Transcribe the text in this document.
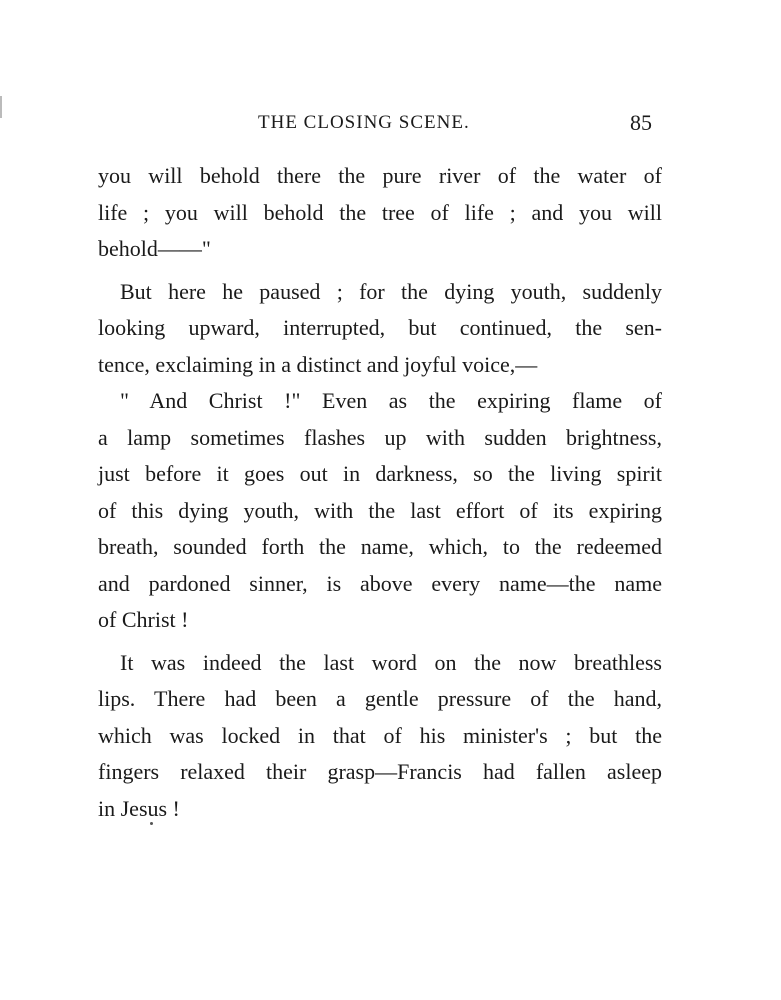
THE CLOSING SCENE.	85
you will behold there the pure river of the water of
life ; you will behold the tree of life ; and you will
behold——"
But here he paused ; for the dying youth, suddenly
looking upward, interrupted, but continued, the sen-
tence, exclaiming in a distinct and joyful voice,—
" And Christ !" Even as the expiring flame of
a lamp sometimes flashes up with sudden brightness,
just before it goes out in darkness, so the living spirit
of this dying youth, with the last effort of its expiring
breath, sounded forth the name, which, to the redeemed
and pardoned sinner, is above every name—the name
of Christ !
It was indeed the last word on the now breathless
lips. There had been a gentle pressure of the hand,
which was locked in that of his minister's ; but the
fingers relaxed their grasp—Francis had fallen asleep
in Jesus !
